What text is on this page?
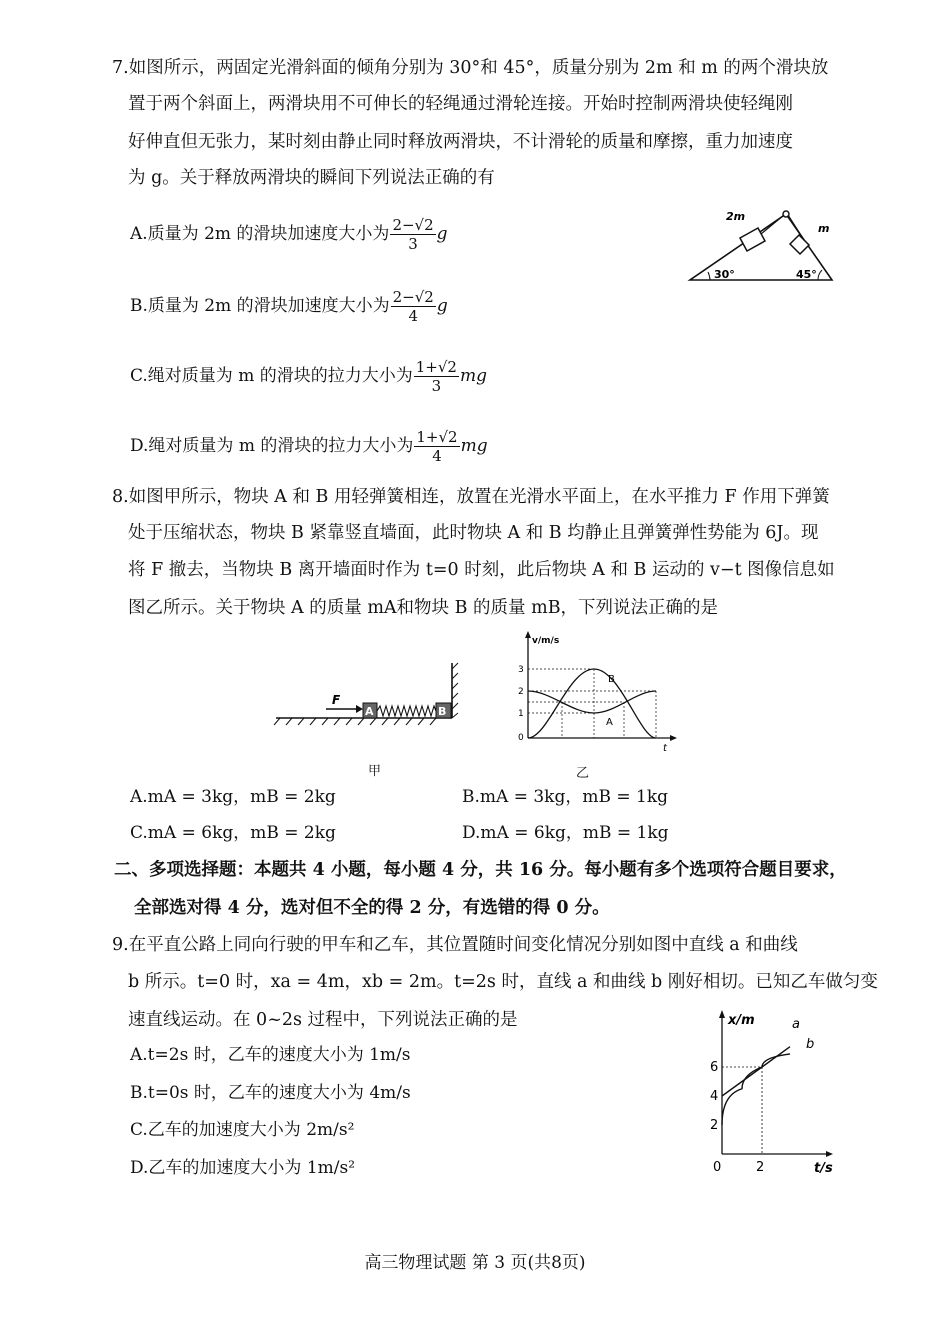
7.如图所示，两固定光滑斜面的倾角分别为 30°和 45°，质量分别为 2m 和 m 的两个滑块放
置于两个斜面上，两滑块用不可伸长的轻绳通过滑轮连接。开始时控制两滑块使轻绳刚
好伸直但无张力，某时刻由静止同时释放两滑块，不计滑轮的质量和摩擦，重力加速度
为 g。关于释放两滑块的瞬间下列说法正确的有
A.质量为 2m 的滑块加速度大小为 $\frac{2-√2}{3}$ g
B.质量为 2m 的滑块加速度大小为 $\frac{2-√2}{4}$ g
C.绳对质量为 m 的滑块的拉力大小为 $\frac{1+√2}{3}$ mg
D.绳对质量为 m 的滑块的拉力大小为 $\frac{1+√2}{4}$ mg
2m
m
30°	45°
8.如图甲所示，物块 A 和 B 用轻弹簧相连，放置在光滑水平面上，在水平推力 F 作用下弹簧
处于压缩状态，物块 B 紧靠竖直墙面，此时物块 A 和 B 均静止且弹簧弹性势能为 6J。现
将 F 撤去，当物块 B 离开墙面时作为 t=0 时刻，此后物块 A 和 B 运动的 v−t 图像信息如
图乙所示。关于物块 A 的质量 mA和物块 B 的质量 mB，下列说法正确的是
F
A	B
甲
v/m/s
t
3
2
1
0
B
A
乙
A.mA = 3kg，mB = 2kg	B.mA = 3kg，mB = 1kg
C.mA = 6kg，mB = 2kg	D.mA = 6kg，mB = 1kg
二、多项选择题：本题共 4 小题，每小题 4 分，共 16 分。每小题有多个选项符合题目要求，
全部选对得 4 分，选对但不全的得 2 分，有选错的得 0 分。
9.在平直公路上同向行驶的甲车和乙车，其位置随时间变化情况分别如图中直线 a 和曲线
b 所示。t=0 时，xa = 4m，xb = 2m。t=2s 时，直线 a 和曲线 b 刚好相切。已知乙车做匀变
速直线运动。在 0~2s 过程中，下列说法正确的是
A.t=2s 时，乙车的速度大小为 1m/s
B.t=0s 时，乙车的速度大小为 4m/s
C.乙车的加速度大小为 2m/s²
D.乙车的加速度大小为 1m/s²
x/m
t/s
6
4
2
0	2
a
b
高三物理试题 第 3 页(共8页)
